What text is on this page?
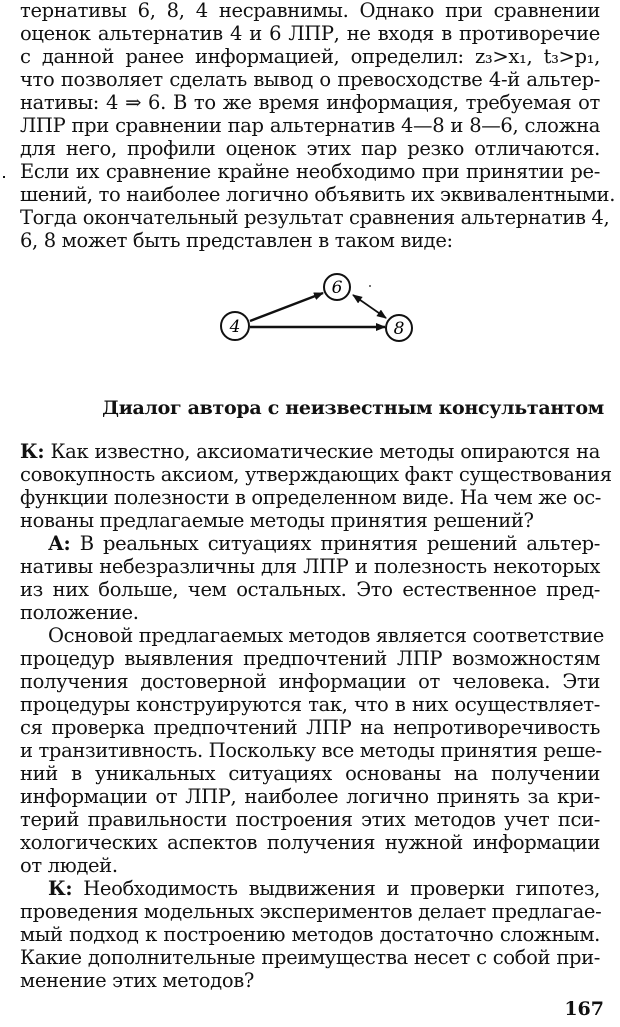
тернативы 6, 8, 4 несравнимы. Однако при сравнении
оценок альтернатив 4 и 6 ЛПР, не входя в противоречие
с данной ранее информацией, определил: z₃>x₁, t₃>p₁,
что позволяет сделать вывод о превосходстве 4-й альтер-
нативы: 4 ⇒ 6. В то же время информация, требуемая от
ЛПР при сравнении пар альтернатив 4—8 и 8—6, сложна
для него, профили оценок этих пар резко отличаются.
Если их сравнение крайне необходимо при принятии ре-
шений, то наиболее логично объявить их эквивалентными.
Тогда окончательный результат сравнения альтернатив 4,
6, 8 может быть представлен в таком виде:
4
6
8
Диалог автора с неизвестным консультантом
К: Как известно, аксиоматические методы опираются на
совокупность аксиом, утверждающих факт существования
функции полезности в определенном виде. На чем же ос-
нованы предлагаемые методы принятия решений?
А: В реальных ситуациях принятия решений альтер-
нативы небезразличны для ЛПР и полезность некоторых
из них больше, чем остальных. Это естественное пред-
положение.
Основой предлагаемых методов является соответствие
процедур выявления предпочтений ЛПР возможностям
получения достоверной информации от человека. Эти
процедуры конструируются так, что в них осуществляет-
ся проверка предпочтений ЛПР на непротиворечивость
и транзитивность. Поскольку все методы принятия реше-
ний в уникальных ситуациях основаны на получении
информации от ЛПР, наиболее логично принять за кри-
терий правильности построения этих методов учет пси-
хологических аспектов получения нужной информации
от людей.
К: Необходимость выдвижения и проверки гипотез,
проведения модельных экспериментов делает предлагае-
мый подход к построению методов достаточно сложным.
Какие дополнительные преимущества несет с собой при-
менение этих методов?
167
